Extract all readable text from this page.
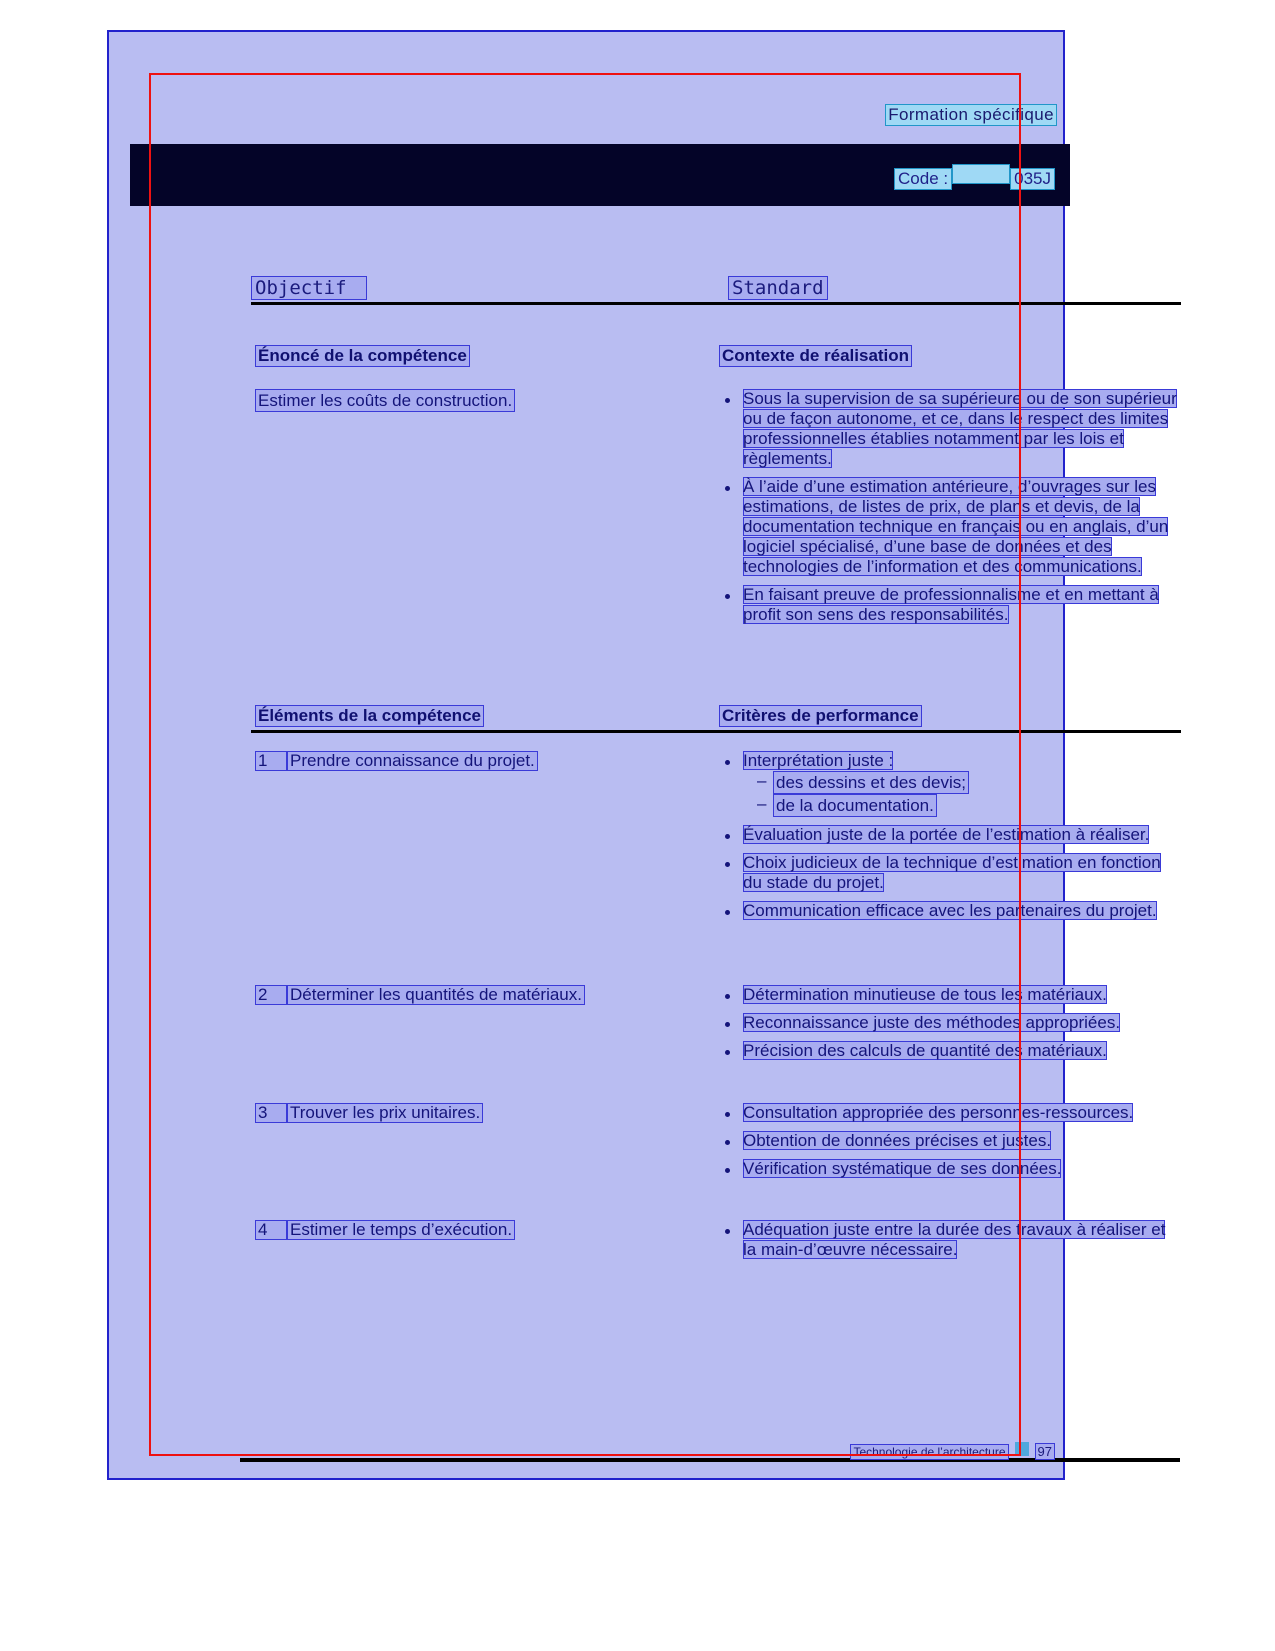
Formation spécifique
Code :	035J
Objectif	Standard
Énoncé de la compétence	Contexte de réalisation
Estimer les coûts de construction.	Sous la supervision de sa supérieure ou de son supérieur ou de façon autonome, et ce, dans le respect des limites professionnelles établies notamment par les lois et règlements.
À l’aide d’une estimation antérieure, d’ouvrages sur les estimations, de listes de prix, de plans et devis, de la documentation technique en français ou en anglais, d’un logiciel spécialisé, d’une base de données et des technologies de l’information et des communications.
En faisant preuve de professionnalisme et en mettant à profit son sens des responsabilités.
Éléments de la compétence	Critères de performance
1 Prendre connaissance du projet.	Interprétation juste :
– des dessins et des devis;
– de la documentation.
Évaluation juste de la portée de l’estimation à réaliser.
Choix judicieux de la technique d’estimation en fonction du stade du projet.
Communication efficace avec les partenaires du projet.
2 Déterminer les quantités de matériaux.	Détermination minutieuse de tous les matériaux.
Reconnaissance juste des méthodes appropriées.
Précision des calculs de quantité des matériaux.
3 Trouver les prix unitaires.	Consultation appropriée des personnes-ressources.
Obtention de données précises et justes.
Vérification systématique de ses données.
4 Estimer le temps d’exécution.	Adéquation juste entre la durée des travaux à réaliser et la main-d’œuvre nécessaire.
Technologie de l’architecture 97
